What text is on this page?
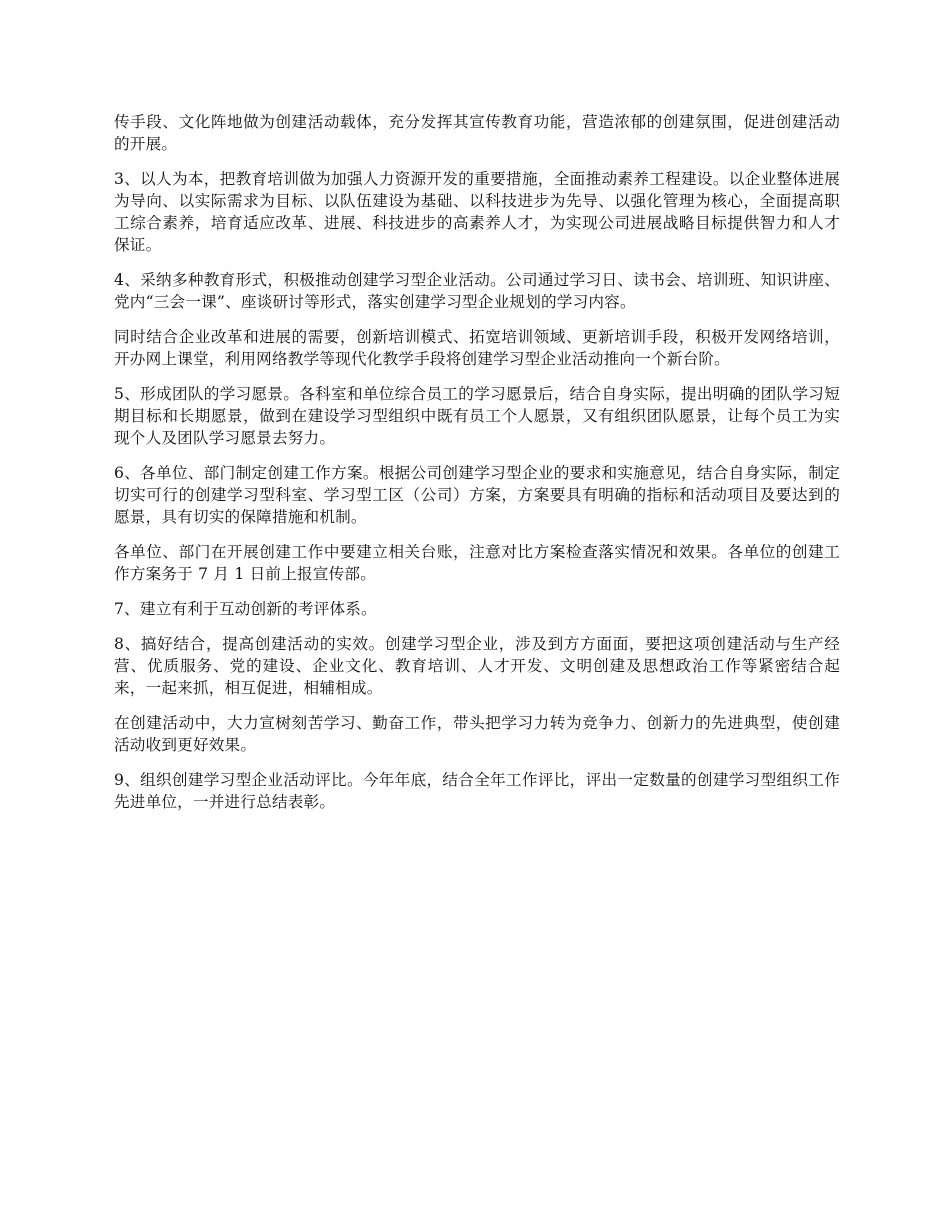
传手段、文化阵地做为创建活动载体，充分发挥其宣传教育功能，营造浓郁的创建氛围，促进创建活动的开展。

3、以人为本，把教育培训做为加强人力资源开发的重要措施，全面推动素养工程建设。以企业整体进展为导向、以实际需求为目标、以队伍建设为基础、以科技进步为先导、以强化管理为核心，全面提高职工综合素养，培育适应改革、进展、科技进步的高素养人才，为实现公司进展战略目标提供智力和人才保证。

4、采纳多种教育形式，积极推动创建学习型企业活动。公司通过学习日、读书会、培训班、知识讲座、党内“三会一课”、座谈研讨等形式，落实创建学习型企业规划的学习内容。

同时结合企业改革和进展的需要，创新培训模式、拓宽培训领域、更新培训手段，积极开发网络培训，开办网上课堂，利用网络教学等现代化教学手段将创建学习型企业活动推向一个新台阶。

5、形成团队的学习愿景。各科室和单位综合员工的学习愿景后，结合自身实际，提出明确的团队学习短期目标和长期愿景，做到在建设学习型组织中既有员工个人愿景，又有组织团队愿景，让每个员工为实现个人及团队学习愿景去努力。

6、各单位、部门制定创建工作方案。根据公司创建学习型企业的要求和实施意见，结合自身实际，制定切实可行的创建学习型科室、学习型工区（公司）方案，方案要具有明确的指标和活动项目及要达到的愿景，具有切实的保障措施和机制。

各单位、部门在开展创建工作中要建立相关台账，注意对比方案检查落实情况和效果。各单位的创建工作方案务于 7 月 1 日前上报宣传部。

7、建立有利于互动创新的考评体系。

8、搞好结合，提高创建活动的实效。创建学习型企业，涉及到方方面面，要把这项创建活动与生产经营、优质服务、党的建设、企业文化、教育培训、人才开发、文明创建及思想政治工作等紧密结合起来，一起来抓，相互促进，相辅相成。

在创建活动中，大力宣树刻苦学习、勤奋工作，带头把学习力转为竞争力、创新力的先进典型，使创建活动收到更好效果。

9、组织创建学习型企业活动评比。今年年底，结合全年工作评比，评出一定数量的创建学习型组织工作先进单位，一并进行总结表彰。
